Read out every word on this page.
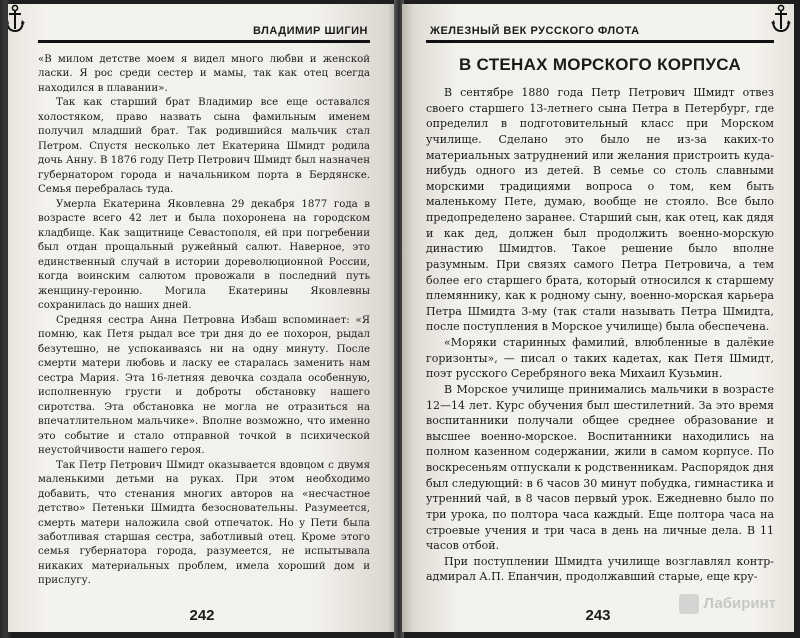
ВЛАДИМИР ШИГИН

«В милом детстве моем я видел много любви и женской ласки. Я рос среди сестер и мамы, так как отец всегда находился в плавании».

Так как старший брат Владимир все еще оставался холостяком, право назвать сына фамильным именем получил младший брат. Так родившийся мальчик стал Петром. Спустя несколько лет Екатерина Шмидт родила дочь Анну. В 1876 году Петр Петрович Шмидт был назначен губернатором города и начальником порта в Бердянске. Семья перебралась туда.

Умерла Екатерина Яковлевна 29 декабря 1877 года в возрасте всего 42 лет и была похоронена на городском кладбище. Как защитнице Севастополя, ей при погребении был отдан прощальный ружейный салют. Наверное, это единственный случай в истории дореволюционной России, когда воинским салютом провожали в последний путь женщину-героиню. Могила Екатерины Яковлевны сохранилась до наших дней.

Средняя сестра Анна Петровна Избаш вспоминает: «Я помню, как Петя рыдал все три дня до ее похорон, рыдал безутешно, не успокаиваясь ни на одну минуту. После смерти матери любовь и ласку ее старалась заменить нам сестра Мария. Эта 16-летняя девочка создала особенную, исполненную грусти и доброты обстановку нашего сиротства. Эта обстановка не могла не отразиться на впечатлительном мальчике». Вполне возможно, что именно это событие и стало отправной точкой в психической неустойчивости нашего героя.

Так Петр Петрович Шмидт оказывается вдовцом с двумя маленькими детьми на руках. При этом необходимо добавить, что стенания многих авторов на «несчастное детство» Петеньки Шмидта безосновательны. Разумеется, смерть матери наложила свой отпечаток. Но у Пети была заботливая старшая сестра, заботливый отец. Кроме этого семья губернатора города, разумеется, не испытывала никаких материальных проблем, имела хороший дом и прислугу.

242
ЖЕЛЕЗНЫЙ ВЕК РУССКОГО ФЛОТА
В СТЕНАХ МОРСКОГО КОРПУСА

В сентябре 1880 года Петр Петрович Шмидт отвез своего старшего 13-летнего сына Петра в Петербург, где определил в подготовительный класс при Морском училище. Сделано это было не из-за каких-то материальных затруднений или желания пристроить куда-нибудь одного из детей. В семье со столь славными морскими традициями вопроса о том, кем быть маленькому Пете, думаю, вообще не стояло. Все было предопределено заранее. Старший сын, как отец, как дядя и как дед, должен был продолжить военно-морскую династию Шмидтов. Такое решение было вполне разумным. При связях самого Петра Петровича, а тем более его старшего брата, который относился к старшему племяннику, как к родному сыну, военно-морская карьера Петра Шмидта 3-му (так стали называть Петра Шмидта, после поступления в Морское училище) была обеспечена.

«Моряки старинных фамилий, влюбленные в далёкие горизонты», — писал о таких кадетах, как Петя Шмидт, поэт русского Серебряного века Михаил Кузьмин.

В Морское училище принимались мальчики в возрасте 12—14 лет. Курс обучения был шестилетний. За это время воспитанники получали общее среднее образование и высшее военно-морское. Воспитанники находились на полном казенном содержании, жили в самом корпусе. По воскресеньям отпускали к родственникам. Распорядок дня был следующий: в 6 часов 30 минут побудка, гимнастика и утренний чай, в 8 часов первый урок. Ежедневно было по три урока, по полтора часа каждый. Еще полтора часа на строевые учения и три часа в день на личные дела. В 11 часов отбой.

При поступлении Шмидта училище возглавлял контр-адмирал А.П. Епанчин, продолжавший старые, еще кру-

243
Лабиринт
